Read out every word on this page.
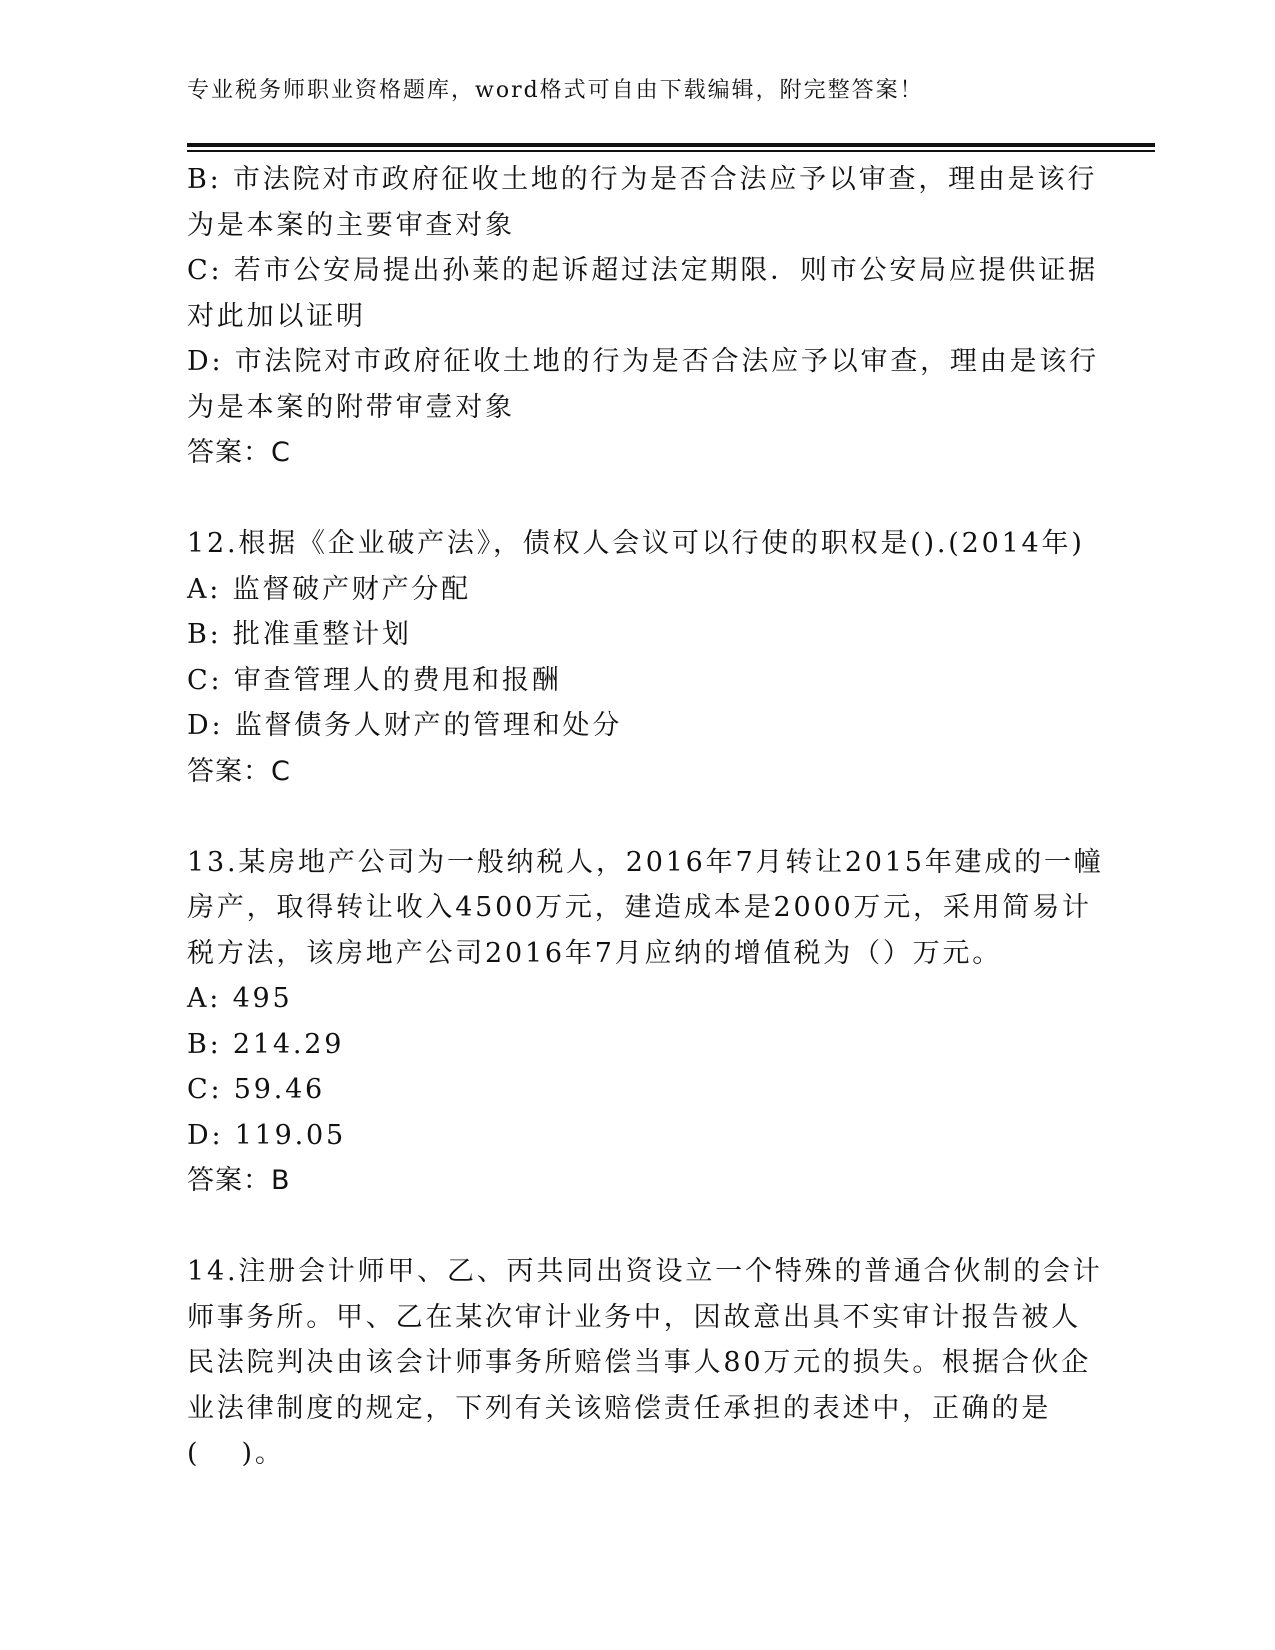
专业税务师职业资格题库，word格式可自由下载编辑，附完整答案！
B: 市法院对市政府征收土地的行为是否合法应予以审查，理由是该行
为是本案的主要审查对象
C: 若市公安局提出孙莱的起诉超过法定期限．则市公安局应提供证据
对此加以证明
D: 市法院对市政府征收土地的行为是否合法应予以审查，理由是该行
为是本案的附带审壹对象
答案：C
12.根据《企业破产法》，债权人会议可以行使的职权是().(2014年)
A: 监督破产财产分配
B: 批准重整计划
C: 审查管理人的费甩和报酬
D: 监督债务人财产的管理和处分
答案：C
13.某房地产公司为一般纳税人，2016年7月转让2015年建成的一幢
房产，取得转让收入4500万元，建造成本是2000万元，采用简易计
税方法，该房地产公司2016年7月应纳的增值税为（）万元。
A: 495
B: 214.29
C: 59.46
D: 119.05
答案：B
14.注册会计师甲、乙、丙共同出资设立一个特殊的普通合伙制的会计
师事务所。甲、乙在某次审计业务中，因故意出具不实审计报告被人
民法院判决由该会计师事务所赔偿当事人80万元的损失。根据合伙企
业法律制度的规定，下列有关该赔偿责任承担的表述中，正确的是
(　 )。
